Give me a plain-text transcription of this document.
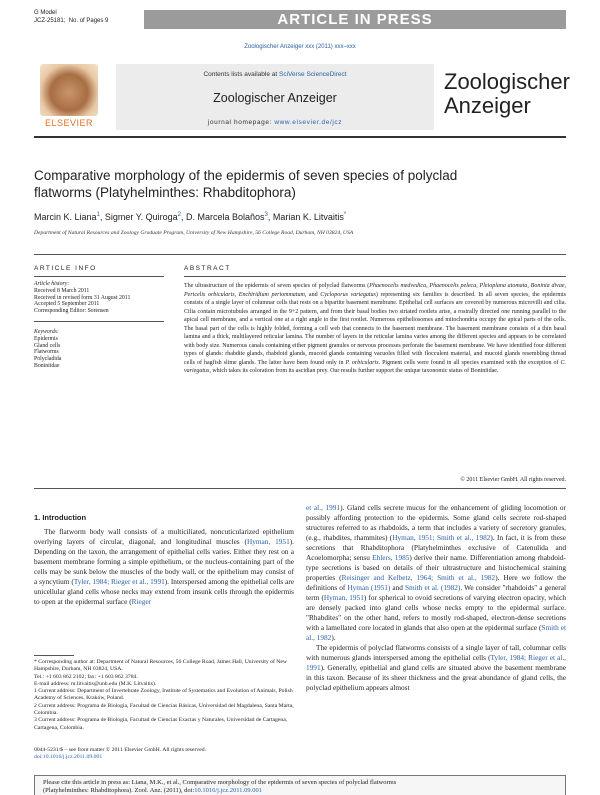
G Model
JCZ-25181; No. of Pages 9	ARTICLE IN PRESS
Zoologischer Anzeiger xxx (2011) xxx–xxx
ELSEVIER
Contents lists available at SciVerse ScienceDirect
Zoologischer Anzeiger
journal homepage: www.elsevier.de/jcz
Zoologischer
Anzeiger
Comparative morphology of the epidermis of seven species of polyclad
flatworms (Platyhelminthes: Rhabditophora)
Marcin K. Liana$^1$, Sigmer Y. Quiroga$^2$, D. Marcela Bolaños$^3$, Marian K. Litvaitis*
Department of Natural Resources and Zoology Graduate Program, University of New Hampshire, 56 College Road, Durham, NH 03824, USA
ARTICLE INFO	ABSTRACT
Article history:
Received 8 March 2011
Received in revised form 31 August 2011
Accepted 5 September 2011
Corresponding Editor: Sorensen
Keywords:
Epidermis
Gland cells
Flatworms
Polycladida
Boniniidae
The ultrastructure of the epidermis of seven species of polyclad flatworms (Phaenocelis medvedica, Phaenocelis peleca, Pleioplana atomata, Boninia divae, Pericelis orbicularis, Enchiridium periommatum, and Cycloporus variegatus) representing six families is described. In all seven species, the epidermis consists of a single layer of columnar cells that rests on a bipartite basement membrane. Epithelial cell surfaces are covered by numerous microvilli and cilia. Cilia contain microtubules arranged in the 9+2 pattern, and from their basal bodies two striated rootlets arise, a rostrally directed one running parallel to the apical cell membrane, and a vertical one at a right angle to the first rootlet. Numerous epitheliosomes and mitochondria occupy the apical parts of the cells. The basal part of the cells is highly folded, forming a cell web that connects to the basement membrane. The basement membrane consists of a thin basal lamina and a thick, multilayered reticular lamina. The number of layers in the reticular lamina varies among the different species and appears to be correlated with body size. Numerous canals containing either pigment granules or nervous processes perforate the basement membrane. We have identified four different types of glands: rhabdite glands, rhabdoid glands, mucoid glands containing vacuoles filled with flocculent material, and mucoid glands resembling thread cells of hagfish slime glands. The latter have been found only in P. orbicularis. Pigment cells were found in all species examined with the exception of C. variegatus, which takes its coloration from its ascidian prey. Our results further support the unique taxonomic status of Boniniidae.
© 2011 Elsevier GmbH. All rights reserved.
1. Introduction
The flatworm body wall consists of a multiciliated, noncuticularized epithelium overlying layers of circular, diagonal, and longitudinal muscles (Hyman, 1951). Depending on the taxon, the arrangement of epithelial cells varies. Either they rest on a basement membrane forming a simple epithelium, or the nucleus-containing part of the cells may be sunk below the muscles of the body wall, or the epithelium may consist of a syncytium (Tyler, 1984; Rieger et al., 1991). Interspersed among the epithelial cells are unicellular gland cells whose necks may extend from insunk cells through the epidermis to open at the epidermal surface (Rieger
et al., 1991). Gland cells secrete mucus for the enhancement of gliding locomotion or possibly affording protection to the epidermis. Some gland cells secrete rod-shaped structures referred to as rhabdoids, a term that includes a variety of secretory granules, (e.g., rhabdites, rhammites) (Hyman, 1951; Smith et al., 1982). In fact, it is from these secretions that Rhabditophora (Platyhelminthes exclusive of Catenulida and Acoelomorpha; sensu Ehlers, 1985) derive their name. Differentiation among rhabdoid-type secretions is based on details of their ultrastructure and histochemical staining properties (Reisinger and Kelbetz, 1964; Smith et al., 1982). Here we follow the definitions of Hyman (1951) and Smith et al. (1982). We consider "rhabdoids" a general term (Hyman, 1951) for spherical to ovoid secretions of varying electron opacity, which are densely packed into gland cells whose necks empty to the epidermal surface. "Rhabdites" on the other hand, refers to mostly rod-shaped, electron-dense secretions with a lamellated core located in glands that also open at the epidermal surface (Smith et al., 1982).
The epidermis of polyclad flatworms consists of a single layer of tall, columnar cells with numerous glands interspersed among the epithelial cells (Tyler, 1984; Rieger et al., 1991). Generally, epithelial and gland cells are situated above the basement membrane in this taxon. Because of its sheer thickness and the great abundance of gland cells, the polyclad epithelium appears almost
* Corresponding author at: Department of Natural Resources, 56 College Road, James Hall, University of New Hampshire, Durham, NH 03824, USA.
Tel.: +1 603 862 2102; fax: +1 603 862 3784.
E-mail address: m.litvaitis@unh.edu (M.K. Litvaitis).
1 Current address: Department of Invertebrate Zoology, Institute of Systematics and Evolution of Animals, Polish Academy of Sciences, Kraków, Poland.
2 Current address: Programa de Biología, Facultad de Ciencias Básicas, Universidad del Magdalena, Santa Marta, Colombia.
3 Current address: Programa de Biología, Facultad de Ciencias Exactas y Naturales, Universidad de Cartagena, Cartagena, Colombia.
0044-5231/$ – see front matter © 2011 Elsevier GmbH. All rights reserved.
doi:10.1016/j.jcz.2011.09.001
Please cite this article in press as: Liana, M.K., et al., Comparative morphology of the epidermis of seven species of polyclad flatworms
(Platyhelminthes: Rhabditophora). Zool. Anz. (2011), doi:10.1016/j.jcz.2011.09.001
